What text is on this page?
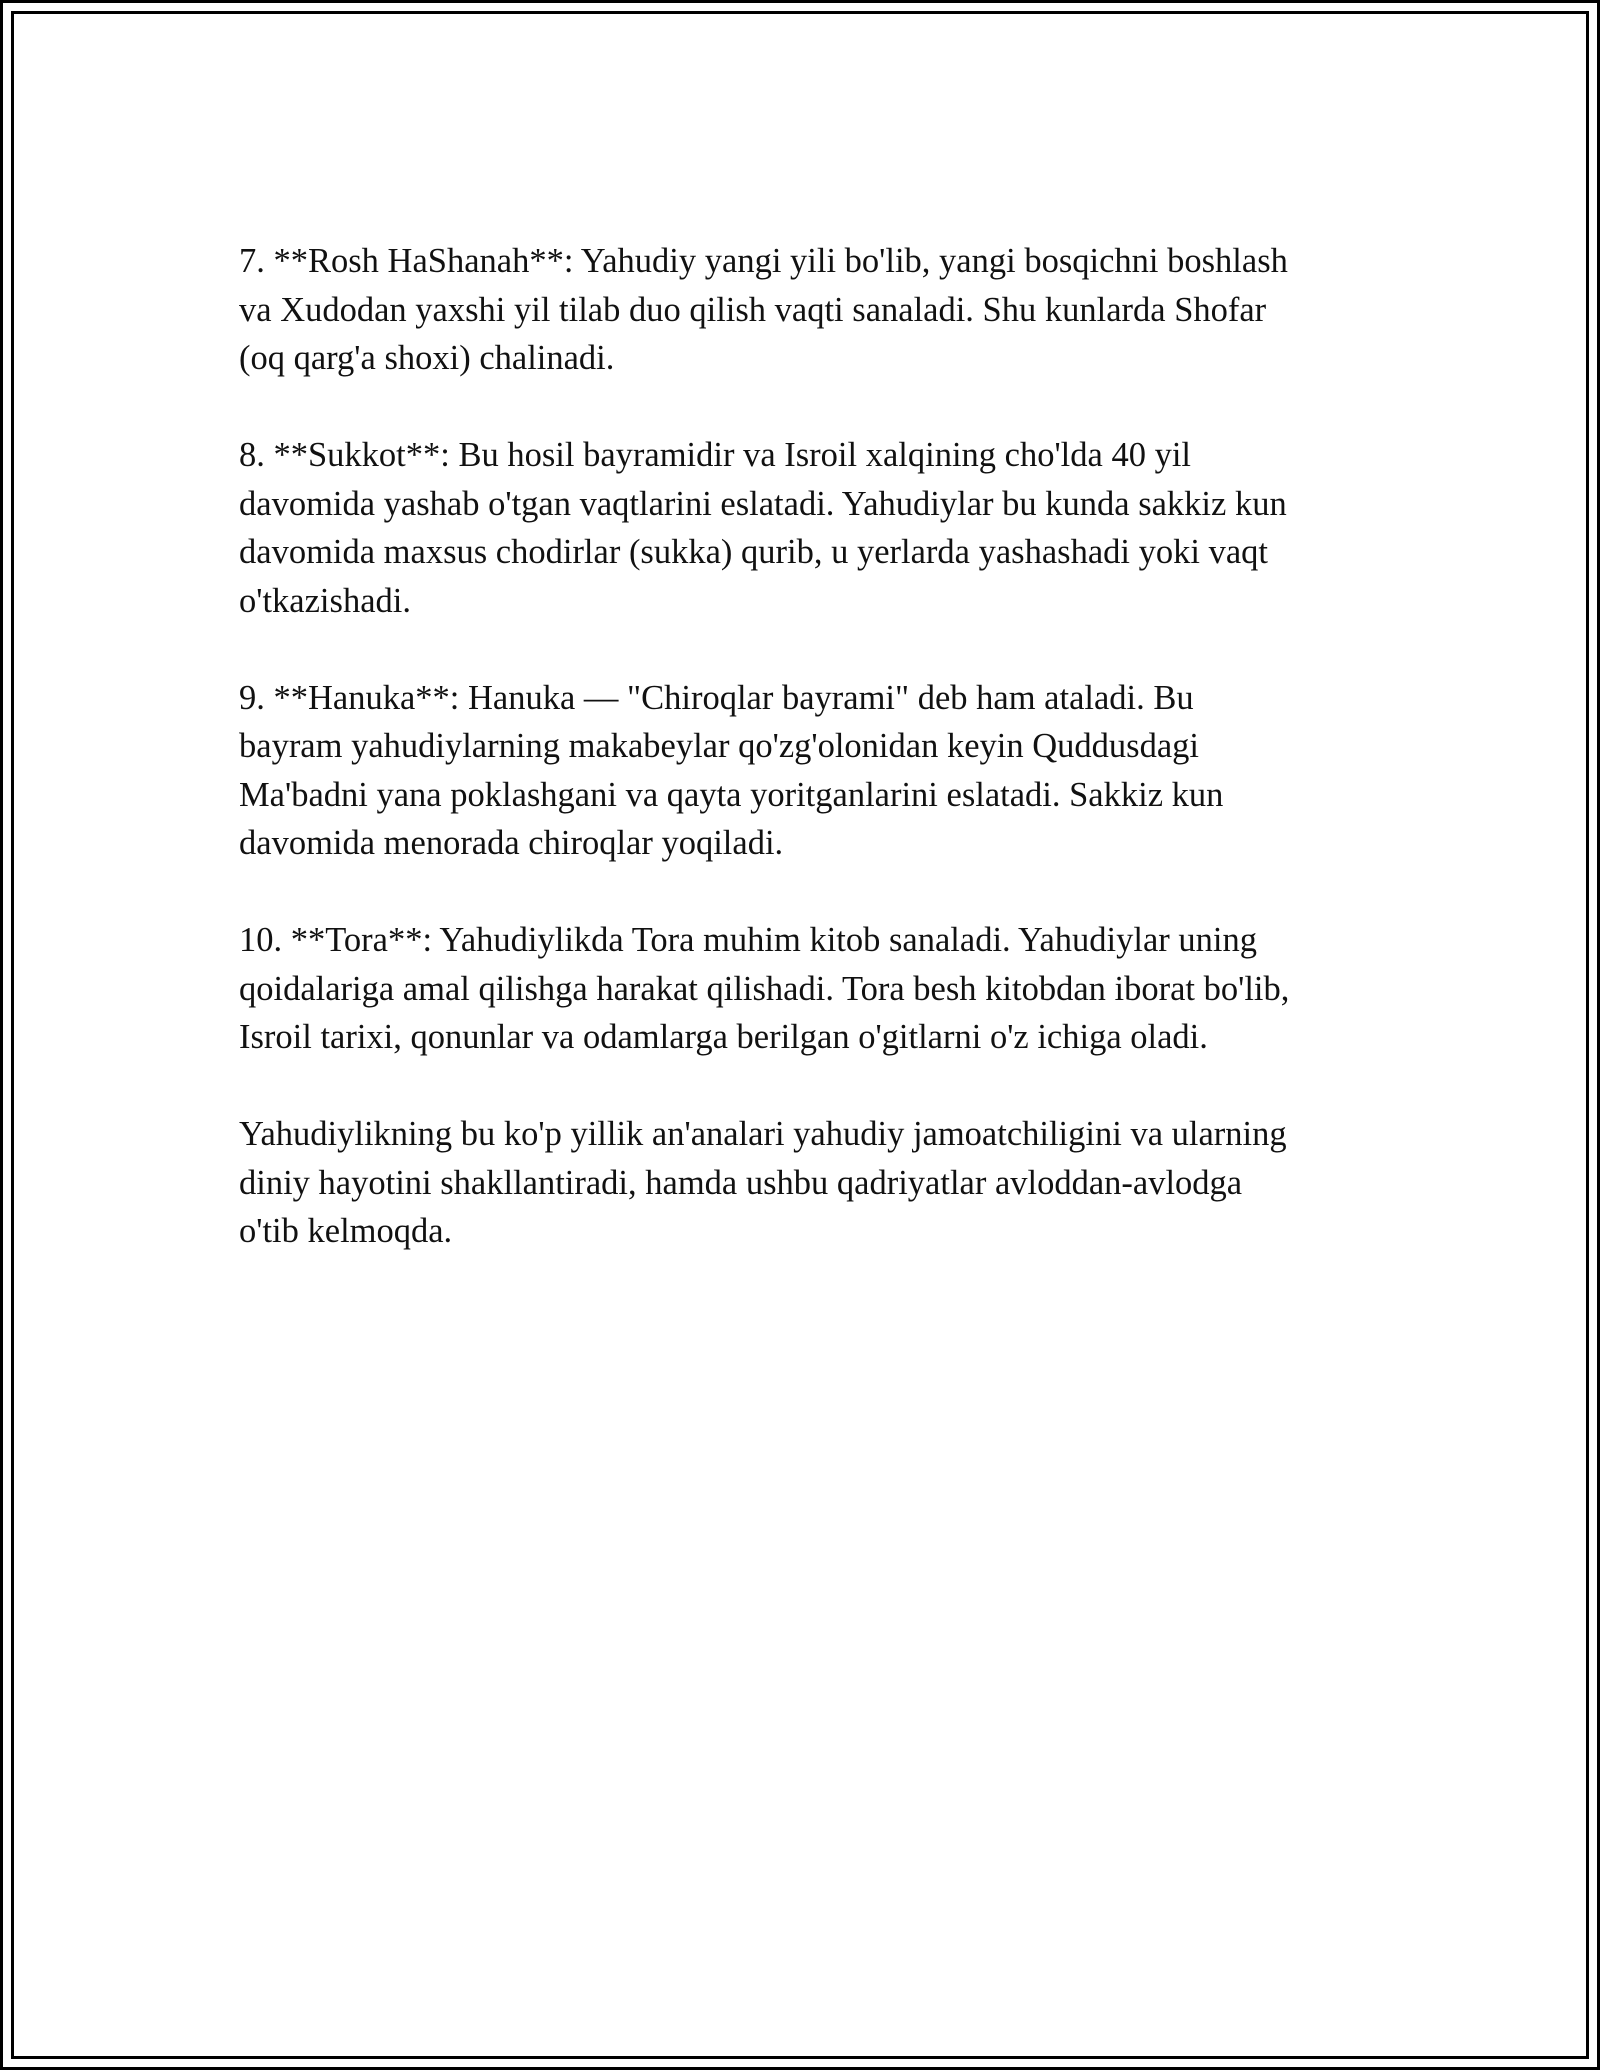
7. **Rosh HaShanah**: Yahudiy yangi yili bo'lib, yangi bosqichni boshlash
va Xudodan yaxshi yil tilab duo qilish vaqti sanaladi. Shu kunlarda Shofar
(oq qarg'a shoxi) chalinadi.

8. **Sukkot**: Bu hosil bayramidir va Isroil xalqining cho'lda 40 yil
davomida yashab o'tgan vaqtlarini eslatadi. Yahudiylar bu kunda sakkiz kun
davomida maxsus chodirlar (sukka) qurib, u yerlarda yashashadi yoki vaqt
o'tkazishadi.

9. **Hanuka**: Hanuka — "Chiroqlar bayrami" deb ham ataladi. Bu
bayram yahudiylarning makabeylar qo'zg'olonidan keyin Quddusdagi
Ma'badni yana poklashgani va qayta yoritganlarini eslatadi. Sakkiz kun
davomida menorada chiroqlar yoqiladi.

10. **Tora**: Yahudiylikda Tora muhim kitob sanaladi. Yahudiylar uning
qoidalariga amal qilishga harakat qilishadi. Tora besh kitobdan iborat bo'lib,
Isroil tarixi, qonunlar va odamlarga berilgan o'gitlarni o'z ichiga oladi.

Yahudiylikning bu ko'p yillik an'analari yahudiy jamoatchiligini va ularning
diniy hayotini shakllantiradi, hamda ushbu qadriyatlar avloddan-avlodga
o'tib kelmoqda.
